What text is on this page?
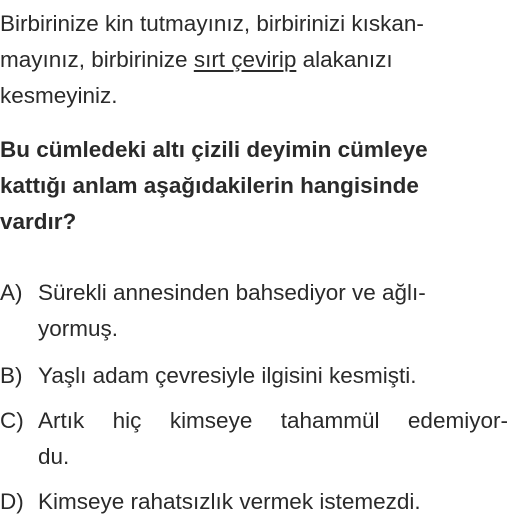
Birbirinize kin tutmayınız, birbirinizi kıskan-
mayınız, birbirinize sırt çevirip alakanızı
kesmeyiniz.
Bu cümledeki altı çizili deyimin cümleye
kattığı anlam aşağıdakilerin hangisinde
vardır?
A) Sürekli annesinden bahsediyor ve ağlı-
yormuş.
B) Yaşlı adam çevresiyle ilgisini kesmişti.
C) Artık hiç kimseye tahammül edemiyor-
du.
D) Kimseye rahatsızlık vermek istemezdi.
